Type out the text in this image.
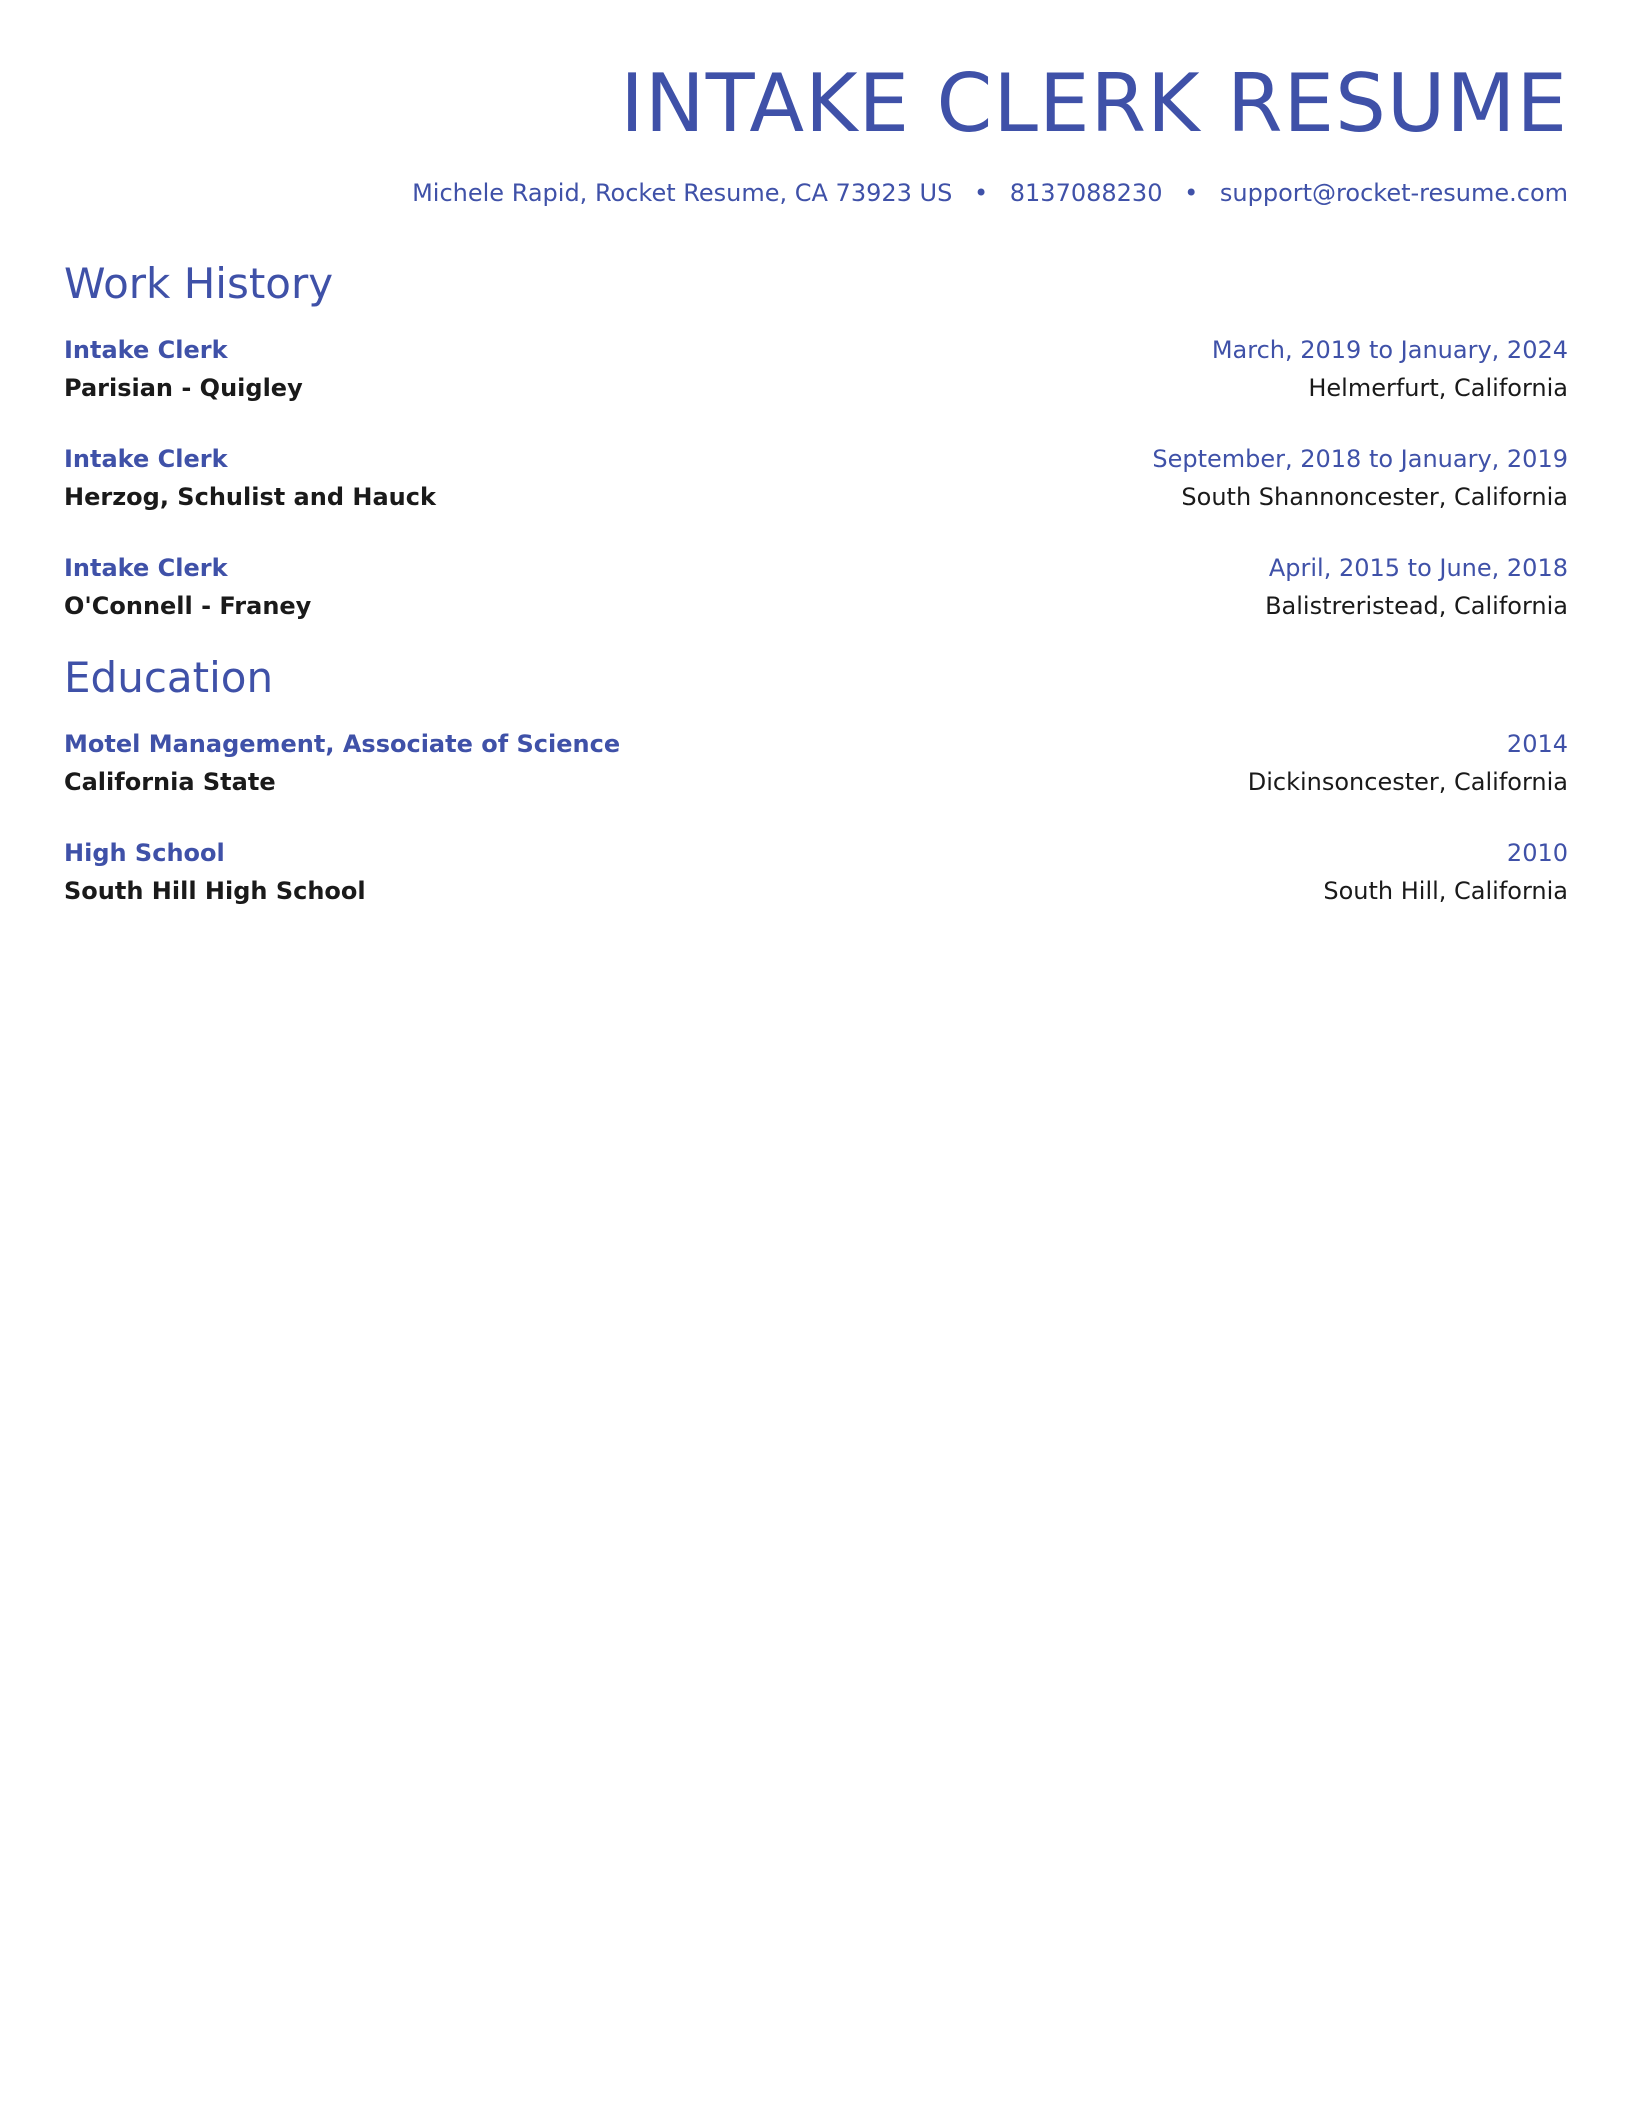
INTAKE CLERK RESUME
Michele Rapid, Rocket Resume, CA 73923 US • 8137088230 • support@rocket-resume.com
Work History
Intake Clerk	March, 2019 to January, 2024
Parisian - Quigley	Helmerfurt, California
Intake Clerk	September, 2018 to January, 2019
Herzog, Schulist and Hauck	South Shannoncester, California
Intake Clerk	April, 2015 to June, 2018
O'Connell - Franey	Balistreristead, California
Education
Motel Management, Associate of Science	2014
California State	Dickinsoncester, California
High School	2010
South Hill High School	South Hill, California
